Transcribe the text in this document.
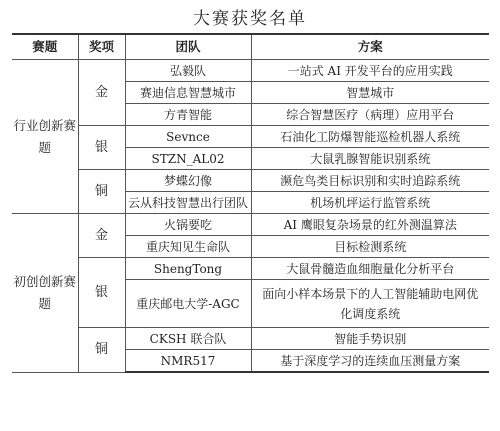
大赛获奖名单
赛题	奖项	团队	方案
行业创新赛题	金	弘毅队	一站式 AI 开发平台的应用实践
		赛迪信息智慧城市	智慧城市
		方青智能	综合智慧医疗（病理）应用平台
	银	Sevnce	石油化工防爆智能巡检机器人系统
		STZN_AL02	大鼠乳腺智能识别系统
	铜	梦蝶幻像	濒危鸟类目标识别和实时追踪系统
		云从科技智慧出行团队	机场机坪运行监管系统
初创创新赛题	金	火锅要吃	AI 鹰眼复杂场景的红外测温算法
		重庆知见生命队	目标检测系统
	银	ShengTong	大鼠骨髓造血细胞量化分析平台
		重庆邮电大学-AGC	面向小样本场景下的人工智能辅助电网优化调度系统
	铜	CKSH 联合队	智能手势识别
		NMR517	基于深度学习的连续血压测量方案
